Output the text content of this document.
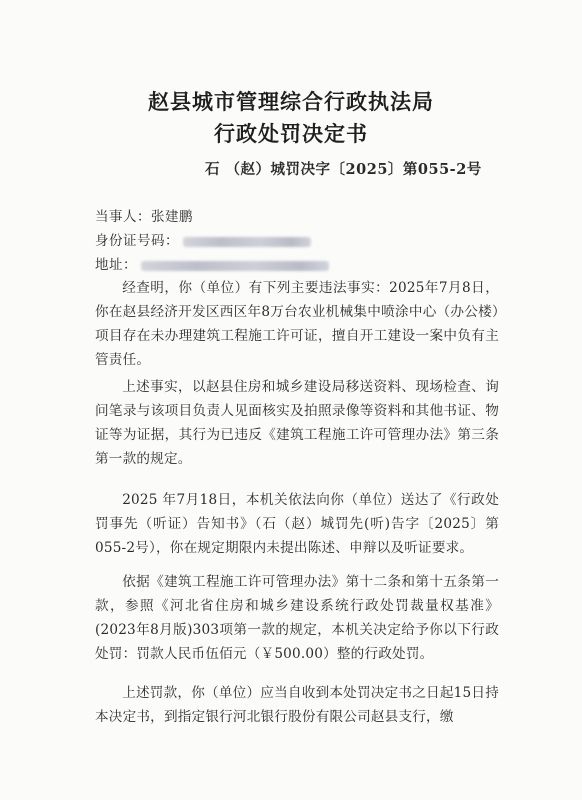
赵县城市管理综合行政执法局
行政处罚决定书
石 （赵）城罚决字〔2025〕第055-2号
当事人：张建鹏
身份证号码：
地址：

经查明，你（单位）有下列主要违法事实：2025年7月8日，你在赵县经济开发区西区年8万台农业机械集中喷涂中心（办公楼）项目存在未办理建筑工程施工许可证，擅自开工建设一案中负有主管责任。

上述事实，以赵县住房和城乡建设局移送资料、现场检查、询问笔录与该项目负责人见面核实及拍照录像等资料和其他书证、物证等为证据，其行为已违反《建筑工程施工许可管理办法》第三条第一款的规定。

2025 年7月18日，本机关依法向你（单位）送达了《行政处罚事先（听证）告知书》（石（赵）城罚先(听)告字〔2025〕第055-2号），你在规定期限内未提出陈述、申辩以及听证要求。

依据《建筑工程施工许可管理办法》第十二条和第十五条第一款，参照《河北省住房和城乡建设系统行政处罚裁量权基准》(2023年8月版)303项第一款的规定，本机关决定给予你以下行政处罚：罚款人民币伍佰元（￥500.00）整的行政处罚。

上述罚款，你（单位）应当自收到本处罚决定书之日起15日持本决定书，到指定银行河北银行股份有限公司赵县支行，缴
